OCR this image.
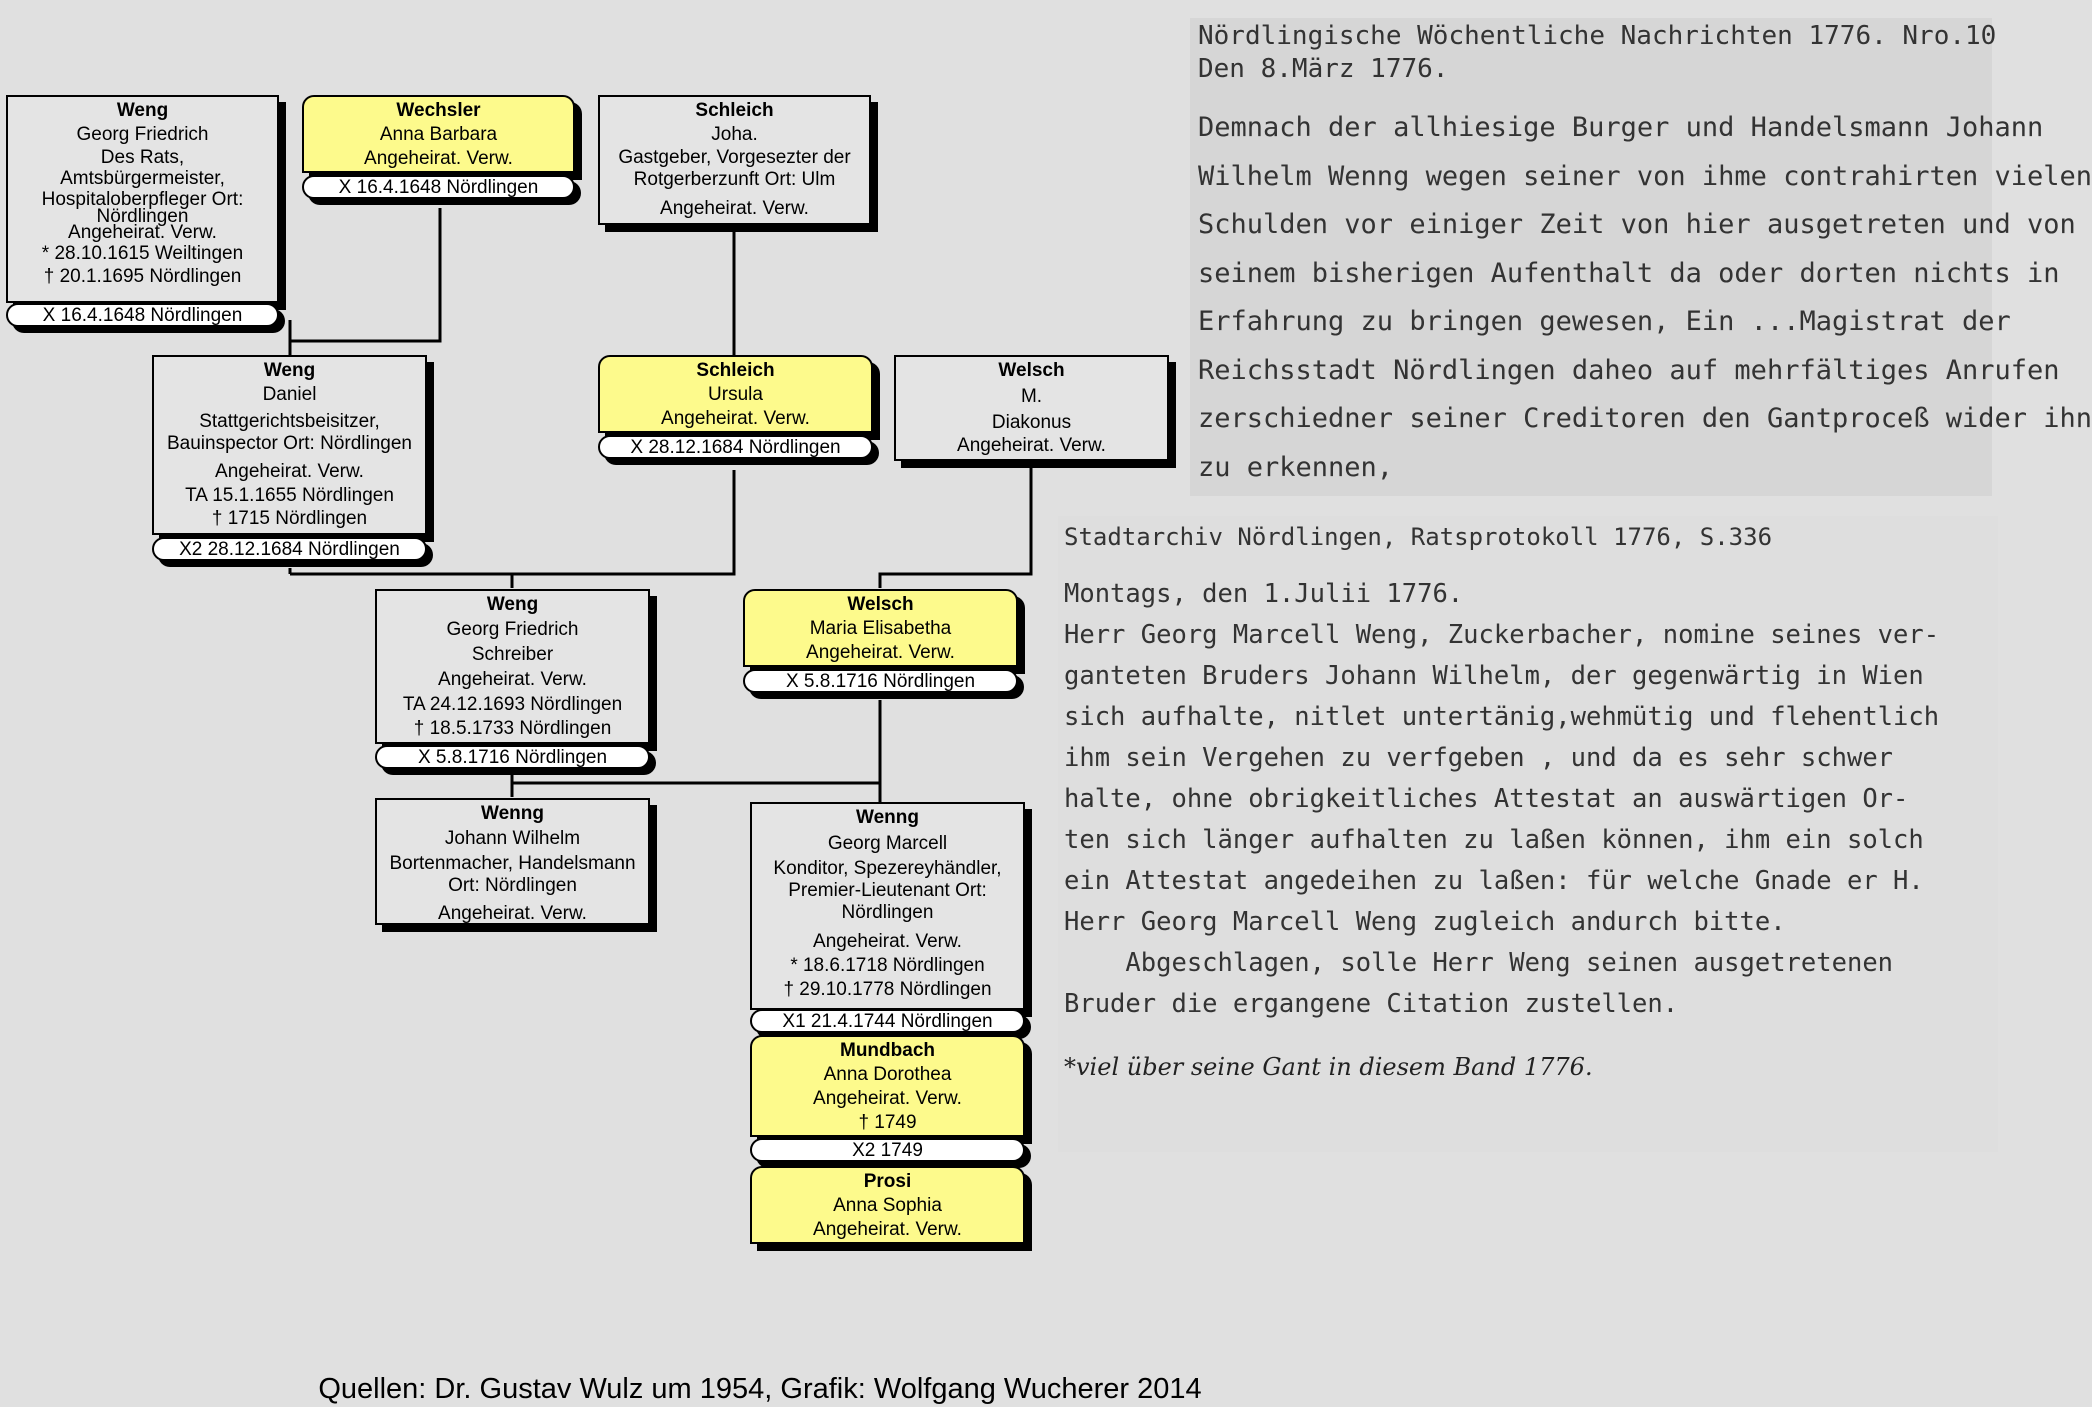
Weng
Georg Friedrich
Des Rats,
Amtsbürgermeister,
Hospitaloberpfleger Ort:
Nördlingen
Angeheirat. Verw.
* 28.10.1615 Weiltingen
† 20.1.1695 Nördlingen
X 16.4.1648 Nördlingen
Wechsler
Anna Barbara
Angeheirat. Verw.
X 16.4.1648 Nördlingen
Schleich
Joha.
Gastgeber, Vorgesezter der
Rotgerberzunft Ort: Ulm
Angeheirat. Verw.
Weng
Daniel
Stattgerichtsbeisitzer,
Bauinspector Ort: Nördlingen
Angeheirat. Verw.
TA 15.1.1655 Nördlingen
† 1715 Nördlingen
X2 28.12.1684 Nördlingen
Schleich
Ursula
Angeheirat. Verw.
X 28.12.1684 Nördlingen
Welsch
M.
Diakonus
Angeheirat. Verw.
Weng
Georg Friedrich
Schreiber
Angeheirat. Verw.
TA 24.12.1693 Nördlingen
† 18.5.1733 Nördlingen
X 5.8.1716 Nördlingen
Welsch
Maria Elisabetha
Angeheirat. Verw.
X 5.8.1716 Nördlingen
Wenng
Johann Wilhelm
Bortenmacher, Handelsmann
Ort: Nördlingen
Angeheirat. Verw.
Wenng
Georg Marcell
Konditor, Spezereyhändler,
Premier-Lieutenant Ort:
Nördlingen
Angeheirat. Verw.
* 18.6.1718 Nördlingen
† 29.10.1778 Nördlingen
X1 21.4.1744 Nördlingen
Mundbach
Anna Dorothea
Angeheirat. Verw.
† 1749
X2 1749
Prosi
Anna Sophia
Angeheirat. Verw.

Nördlingische Wöchentliche Nachrichten 1776. Nro.10

Den 8.März 1776.

Demnach der allhiesige Burger und Handelsmann Johann

Wilhelm Wenng wegen seiner von ihme contrahirten vielen

Schulden vor einiger Zeit von hier ausgetreten und von

seinem bisherigen Aufenthalt da oder dorten nichts in

Erfahrung zu bringen gewesen, Ein ...Magistrat der

Reichsstadt Nördlingen daheo auf mehrfältiges Anrufen

zerschiedner seiner Creditoren den Gantproceß wider ihn

zu erkennen,

Stadtarchiv Nördlingen, Ratsprotokoll 1776, S.336

Montags, den 1.Julii 1776.

Herr Georg Marcell Weng, Zuckerbacher, nomine seines ver-

ganteten Bruders Johann Wilhelm, der gegenwärtig in Wien

sich aufhalte, nitlet untertänig,wehmütig und flehentlich

ihm sein Vergehen zu verfgeben , und da es sehr schwer

halte, ohne obrigkeitliches Attestat an auswärtigen Or-

ten sich länger aufhalten zu laßen können, ihm ein solch

ein Attestat angedeihen zu laßen: für welche Gnade er H.

Herr Georg Marcell Weng zugleich andurch bitte.

Abgeschlagen, solle Herr Weng seinen ausgetretenen

Bruder die ergangene Citation zustellen.

*viel über seine Gant in diesem Band 1776.

Quellen: Dr. Gustav Wulz um 1954, Grafik: Wolfgang Wucherer 2014
